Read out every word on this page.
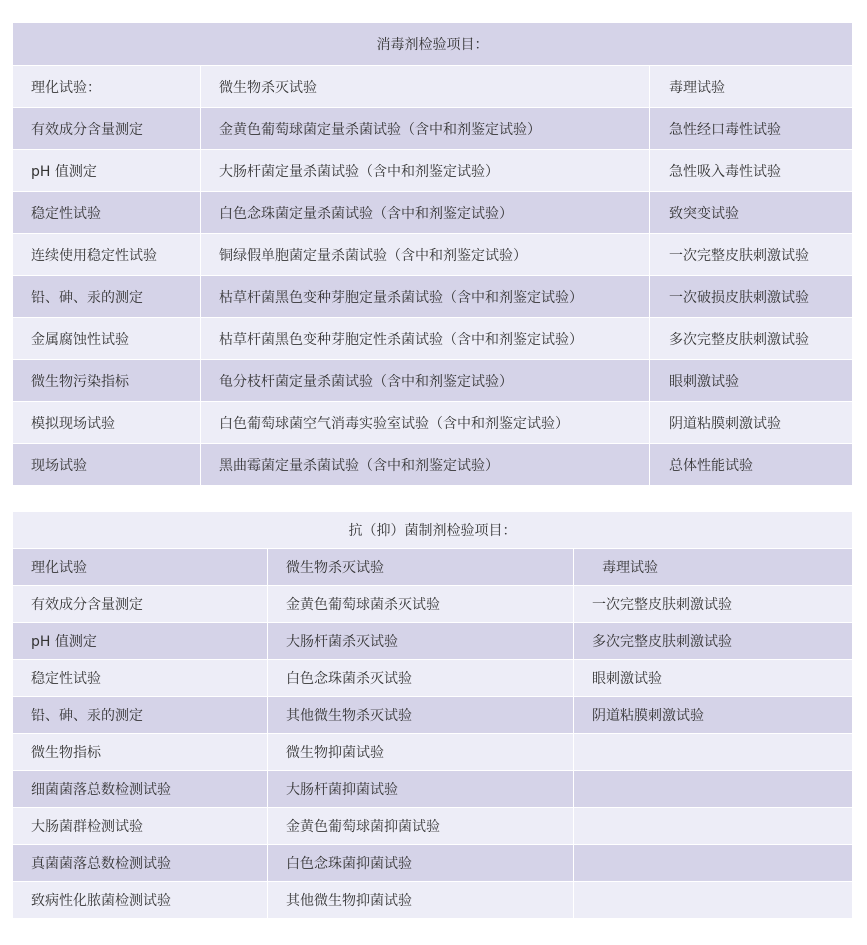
消毒剂检验项目：		
理化试验：	微生物杀灭试验	毒理试验
有效成分含量测定	金黄色葡萄球菌定量杀菌试验（含中和剂鉴定试验）	急性经口毒性试验
pH 值测定	大肠杆菌定量杀菌试验（含中和剂鉴定试验）	急性吸入毒性试验
稳定性试验	白色念珠菌定量杀菌试验（含中和剂鉴定试验）	致突变试验
连续使用稳定性试验	铜绿假单胞菌定量杀菌试验（含中和剂鉴定试验）	一次完整皮肤刺激试验
铅、砷、汞的测定	枯草杆菌黑色变种芽胞定量杀菌试验（含中和剂鉴定试验）	一次破损皮肤刺激试验
金属腐蚀性试验	枯草杆菌黑色变种芽胞定性杀菌试验（含中和剂鉴定试验）	多次完整皮肤刺激试验
微生物污染指标	龟分枝杆菌定量杀菌试验（含中和剂鉴定试验）	眼刺激试验
模拟现场试验	白色葡萄球菌空气消毒实验室试验（含中和剂鉴定试验）	阴道粘膜刺激试验
现场试验	黑曲霉菌定量杀菌试验（含中和剂鉴定试验）	总体性能试验
抗（抑）菌制剂检验项目：		
理化试验	微生物杀灭试验	毒理试验
有效成分含量测定	金黄色葡萄球菌杀灭试验	一次完整皮肤刺激试验
pH 值测定	大肠杆菌杀灭试验	多次完整皮肤刺激试验
稳定性试验	白色念珠菌杀灭试验	眼刺激试验
铅、砷、汞的测定	其他微生物杀灭试验	阴道粘膜刺激试验
微生物指标	微生物抑菌试验	
细菌菌落总数检测试验	大肠杆菌抑菌试验	
大肠菌群检测试验	金黄色葡萄球菌抑菌试验	
真菌菌落总数检测试验	白色念珠菌抑菌试验	
致病性化脓菌检测试验	其他微生物抑菌试验	
